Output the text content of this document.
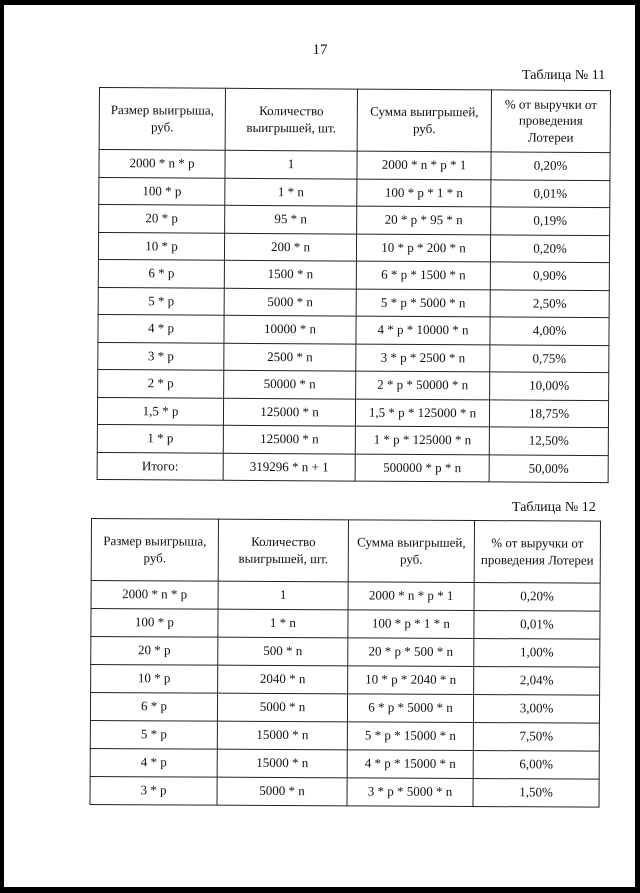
17
Таблица № 11
Размер выигрыша, руб.	Количество выигрышей, шт.	Сумма выигрышей, руб.	% от выручки от проведения Лотереи
2000 * n * p	1	2000 * n * p * 1	0,20%
100 * p	1 * n	100 * p * 1 * n	0,01%
20 * p	95 * n	20 * p * 95 * n	0,19%
10 * p	200 * n	10 * p * 200 * n	0,20%
6 * p	1500 * n	6 * p * 1500 * n	0,90%
5 * p	5000 * n	5 * p * 5000 * n	2,50%
4 * p	10000 * n	4 * p * 10000 * n	4,00%
3 * p	2500 * n	3 * p * 2500 * n	0,75%
2 * p	50000 * n	2 * p * 50000 * n	10,00%
1,5 * p	125000 * n	1,5 * p * 125000 * n	18,75%
1 * p	125000 * n	1 * p * 125000 * n	12,50%
Итого:	319296 * n + 1	500000 * p * n	50,00%
Таблица № 12
Размер выигрыша, руб.	Количество выигрышей, шт.	Сумма выигрышей, руб.	% от выручки от проведения Лотереи
2000 * n * p	1	2000 * n * p * 1	0,20%
100 * p	1 * n	100 * p * 1 * n	0,01%
20 * p	500 * n	20 * p * 500 * n	1,00%
10 * p	2040 * n	10 * p * 2040 * n	2,04%
6 * p	5000 * n	6 * p * 5000 * n	3,00%
5 * p	15000 * n	5 * p * 15000 * n	7,50%
4 * p	15000 * n	4 * p * 15000 * n	6,00%
3 * p	5000 * n	3 * p * 5000 * n	1,50%
